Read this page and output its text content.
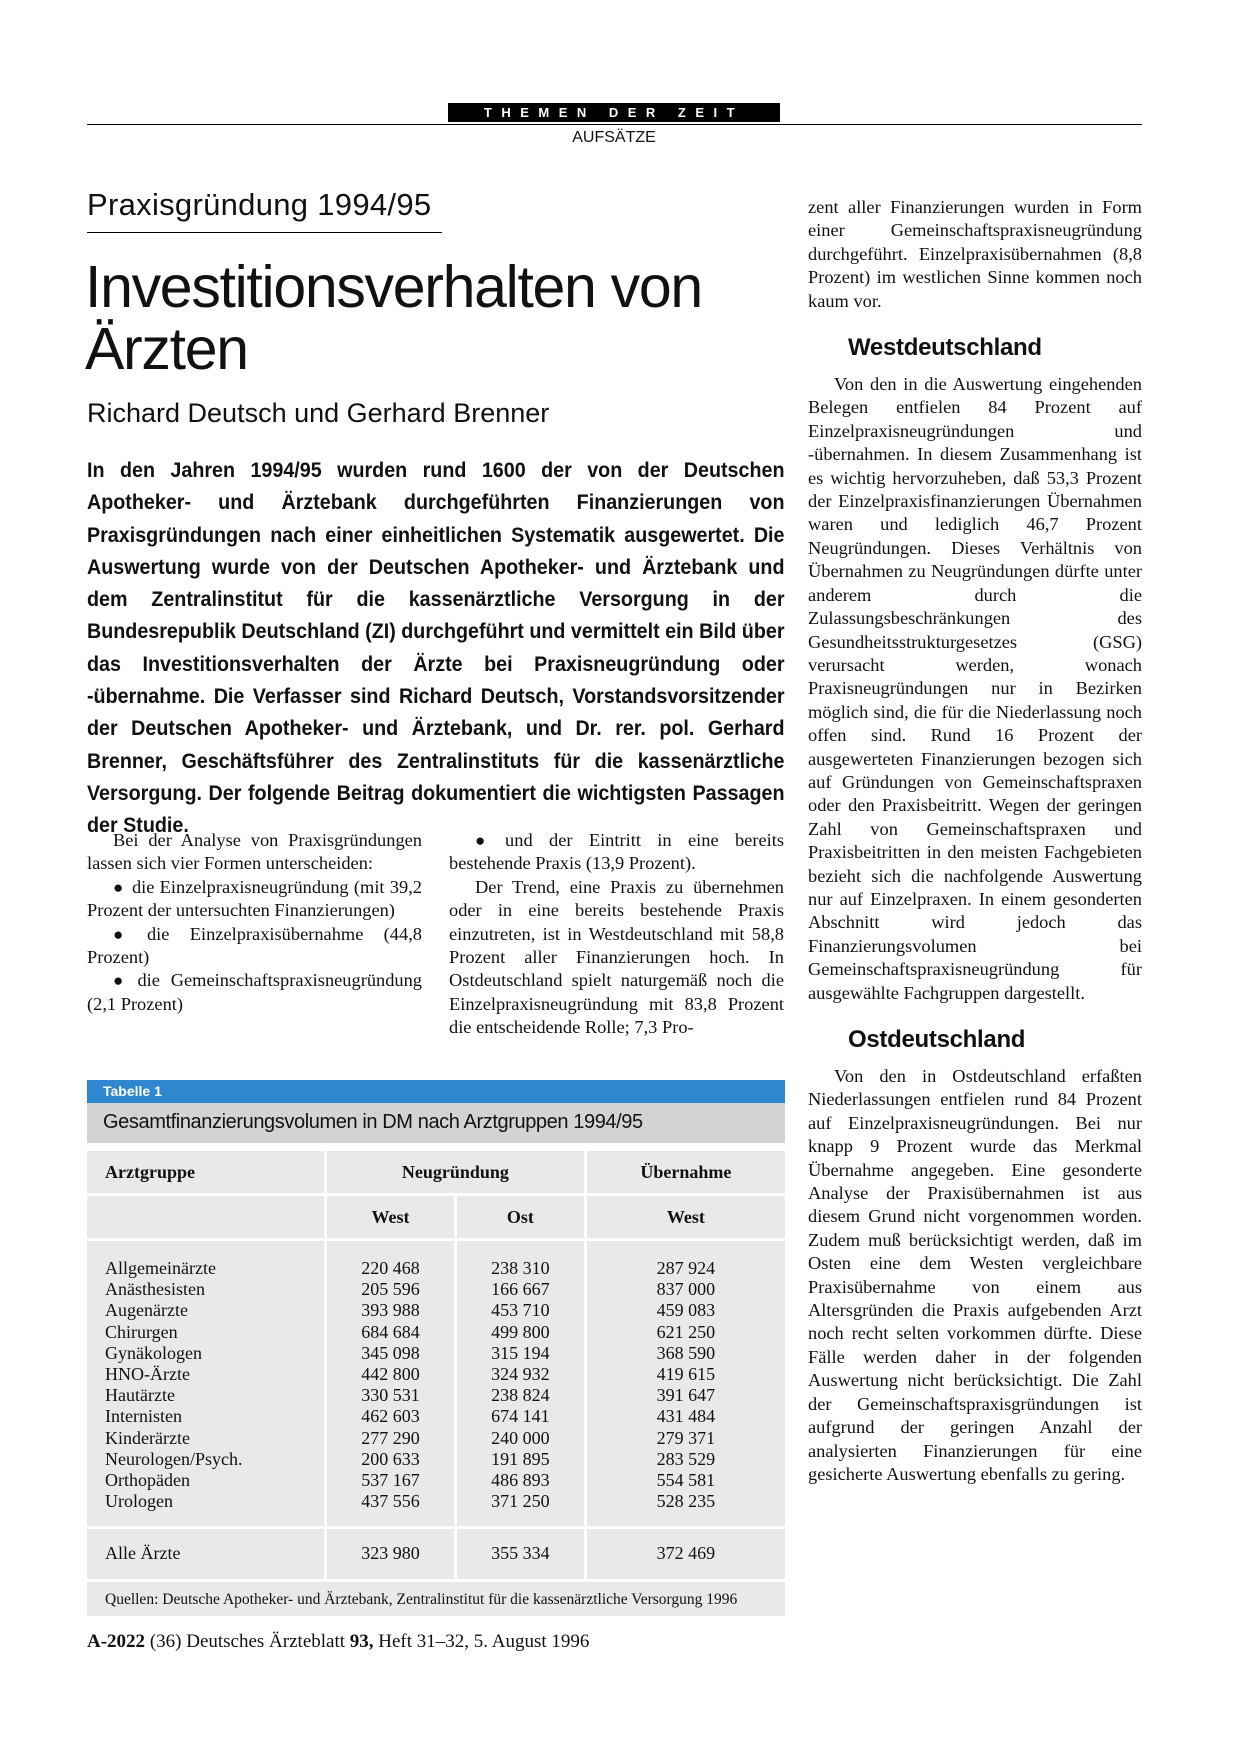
THEMEN DER ZEIT
AUFSÄTZE
Praxisgründung 1994/95
Investitionsverhalten von Ärzten
Richard Deutsch und Gerhard Brenner
In den Jahren 1994/95 wurden rund 1600 der von der Deutschen Apotheker- und Ärztebank durchgeführten Finanzierungen von Praxisgründungen nach einer einheitlichen Systematik ausgewertet. Die Auswertung wurde von der Deutschen Apotheker- und Ärztebank und dem Zentralinstitut für die kassenärztliche Versorgung in der Bundesrepublik Deutschland (ZI) durchgeführt und vermittelt ein Bild über das Investitionsverhalten der Ärzte bei Praxisneugründung oder -übernahme. Die Verfasser sind Richard Deutsch, Vorstandsvorsitzender der Deutschen Apotheker- und Ärztebank, und Dr. rer. pol. Gerhard Brenner, Geschäftsführer des Zentralinstituts für die kassenärztliche Versorgung. Der folgende Beitrag dokumentiert die wichtigsten Passagen der Studie.

Bei der Analyse von Praxisgründungen lassen sich vier Formen unterscheiden:

● die Einzelpraxisneugründung (mit 39,2 Prozent der untersuchten Finanzierungen)

● die Einzelpraxisübernahme (44,8 Prozent)

● die Gemeinschaftspraxisneugründung (2,1 Prozent)

● und der Eintritt in eine bereits bestehende Praxis (13,9 Prozent).

Der Trend, eine Praxis zu übernehmen oder in eine bereits bestehende Praxis einzutreten, ist in Westdeutschland mit 58,8 Prozent aller Finanzierungen hoch. In Ostdeutschland spielt naturgemäß noch die Einzelpraxisneugründung mit 83,8 Prozent die entscheidende Rolle; 7,3 Pro-

zent aller Finanzierungen wurden in Form einer Gemeinschaftspraxisneugründung durchgeführt. Einzelpraxisübernahmen (8,8 Prozent) im westlichen Sinne kommen noch kaum vor.

Westdeutschland

Von den in die Auswertung eingehenden Belegen entfielen 84 Prozent auf Einzelpraxisneugründungen und -übernahmen. In diesem Zusammenhang ist es wichtig hervorzuheben, daß 53,3 Prozent der Einzelpraxisfinanzierungen Übernahmen waren und lediglich 46,7 Prozent Neugründungen. Dieses Verhältnis von Übernahmen zu Neugründungen dürfte unter anderem durch die Zulassungsbeschränkungen des Gesundheitsstrukturgesetzes (GSG) verursacht werden, wonach Praxisneugründungen nur in Bezirken möglich sind, die für die Niederlassung noch offen sind. Rund 16 Prozent der ausgewerteten Finanzierungen bezogen sich auf Gründungen von Gemeinschaftspraxen oder den Praxisbeitritt. Wegen der geringen Zahl von Gemeinschaftspraxen und Praxisbeitritten in den meisten Fachgebieten bezieht sich die nachfolgende Auswertung nur auf Einzelpraxen. In einem gesonderten Abschnitt wird jedoch das Finanzierungsvolumen bei Gemeinschaftspraxisneugründung für ausgewählte Fachgruppen dargestellt.

Ostdeutschland

Von den in Ostdeutschland erfaßten Niederlassungen entfielen rund 84 Prozent auf Einzelpraxisneugründungen. Bei nur knapp 9 Prozent wurde das Merkmal Übernahme angegeben. Eine gesonderte Analyse der Praxisübernahmen ist aus diesem Grund nicht vorgenommen worden. Zudem muß berücksichtigt werden, daß im Osten eine dem Westen vergleichbare Praxisübernahme von einem aus Altersgründen die Praxis aufgebenden Arzt noch recht selten vorkommen dürfte. Diese Fälle werden daher in der folgenden Auswertung nicht berücksichtigt. Die Zahl der Gemeinschaftspraxisgründungen ist aufgrund der geringen Anzahl der analysierten Finanzierungen für eine gesicherte Auswertung ebenfalls zu gering.

Tabelle 1
Gesamtfinanzierungsvolumen in DM nach Arztgruppen 1994/95
Arztgruppe	Neugründung		Übernahme
	West	Ost	West

Allgemeinärzte	220 468	238 310	287 924
Anästhesisten	205 596	166 667	837 000
Augenärzte	393 988	453 710	459 083
Chirurgen	684 684	499 800	621 250
Gynäkologen	345 098	315 194	368 590
HNO-Ärzte	442 800	324 932	419 615
Hautärzte	330 531	238 824	391 647
Internisten	462 603	674 141	431 484
Kinderärzte	277 290	240 000	279 371
Neurologen/Psych.	200 633	191 895	283 529
Orthopäden	537 167	486 893	554 581
Urologen	437 556	371 250	528 235

Alle Ärzte	323 980	355 334	372 469

Quellen: Deutsche Apotheker- und Ärztebank, Zentralinstitut für die kassenärztliche Versorgung 1996
A-2022 (36) Deutsches Ärzteblatt 93, Heft 31–32, 5. August 1996
